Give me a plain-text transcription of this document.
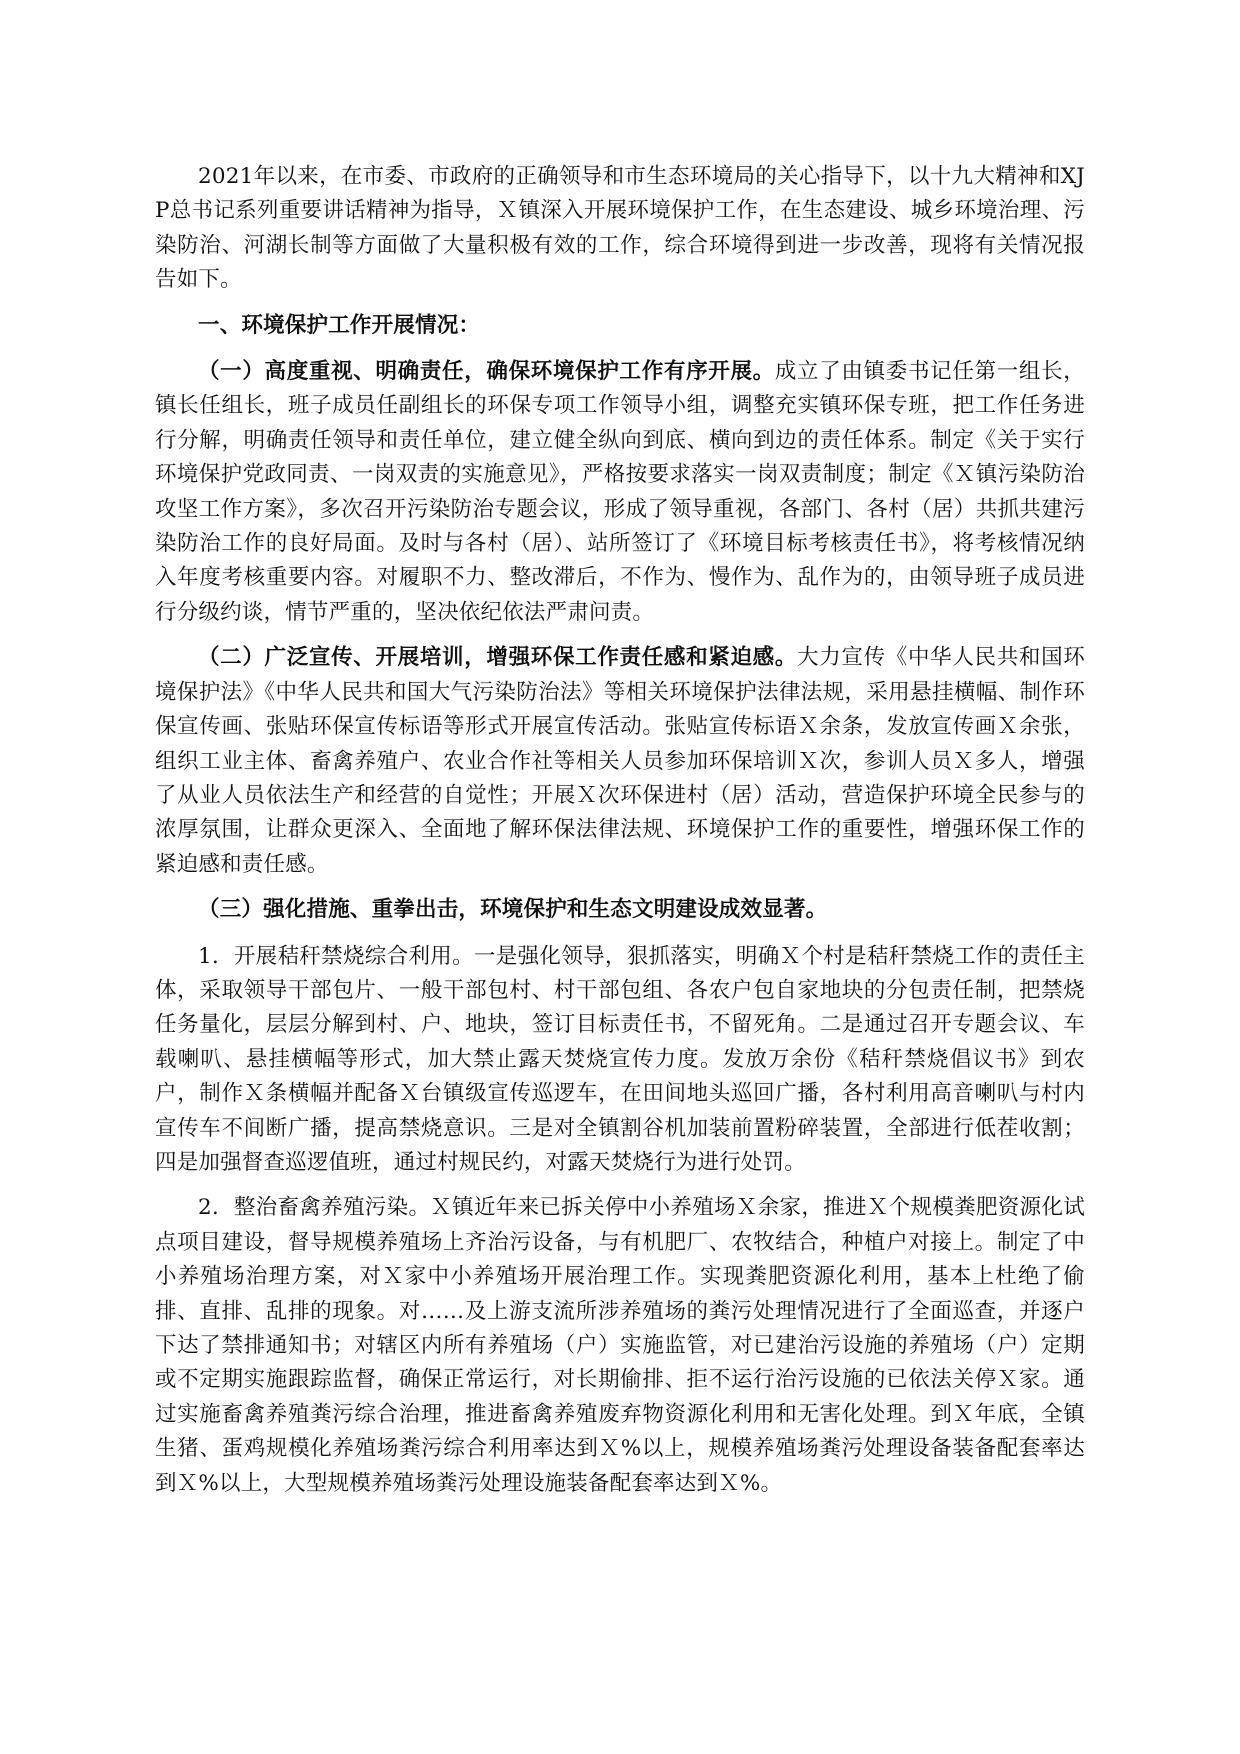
2021年以来，在市委、市政府的正确领导和市生态环境局的关心指导下，以十九大精神和XJP总书记系列重要讲话精神为指导，Ｘ镇深入开展环境保护工作，在生态建设、城乡环境治理、污染防治、河湖长制等方面做了大量积极有效的工作，综合环境得到进一步改善，现将有关情况报告如下。

一、环境保护工作开展情况：

（一）高度重视、明确责任，确保环境保护工作有序开展。成立了由镇委书记任第一组长，镇长任组长，班子成员任副组长的环保专项工作领导小组，调整充实镇环保专班，把工作任务进行分解，明确责任领导和责任单位，建立健全纵向到底、横向到边的责任体系。制定《关于实行环境保护党政同责、一岗双责的实施意见》，严格按要求落实一岗双责制度；制定《Ｘ镇污染防治攻坚工作方案》，多次召开污染防治专题会议，形成了领导重视，各部门、各村（居）共抓共建污染防治工作的良好局面。及时与各村（居）、站所签订了《环境目标考核责任书》，将考核情况纳入年度考核重要内容。对履职不力、整改滞后，不作为、慢作为、乱作为的，由领导班子成员进行分级约谈，情节严重的，坚决依纪依法严肃问责。

（二）广泛宣传、开展培训，增强环保工作责任感和紧迫感。大力宣传《中华人民共和国环境保护法》《中华人民共和国大气污染防治法》等相关环境保护法律法规，采用悬挂横幅、制作环保宣传画、张贴环保宣传标语等形式开展宣传活动。张贴宣传标语Ｘ余条，发放宣传画Ｘ余张，组织工业主体、畜禽养殖户、农业合作社等相关人员参加环保培训Ｘ次，参训人员Ｘ多人，增强了从业人员依法生产和经营的自觉性；开展Ｘ次环保进村（居）活动，营造保护环境全民参与的浓厚氛围，让群众更深入、全面地了解环保法律法规、环境保护工作的重要性，增强环保工作的紧迫感和责任感。

（三）强化措施、重拳出击，环境保护和生态文明建设成效显著。

1．开展秸秆禁烧综合利用。一是强化领导，狠抓落实，明确Ｘ个村是秸秆禁烧工作的责任主体，采取领导干部包片、一般干部包村、村干部包组、各农户包自家地块的分包责任制，把禁烧任务量化，层层分解到村、户、地块，签订目标责任书，不留死角。二是通过召开专题会议、车载喇叭、悬挂横幅等形式，加大禁止露天焚烧宣传力度。发放万余份《秸秆禁烧倡议书》到农户，制作Ｘ条横幅并配备Ｘ台镇级宣传巡逻车，在田间地头巡回广播，各村利用高音喇叭与村内宣传车不间断广播，提高禁烧意识。三是对全镇割谷机加装前置粉碎装置，全部进行低茬收割；四是加强督查巡逻值班，通过村规民约，对露天焚烧行为进行处罚。

2．整治畜禽养殖污染。Ｘ镇近年来已拆关停中小养殖场Ｘ余家，推进Ｘ个规模粪肥资源化试点项目建设，督导规模养殖场上齐治污设备，与有机肥厂、农牧结合，种植户对接上。制定了中小养殖场治理方案，对Ｘ家中小养殖场开展治理工作。实现粪肥资源化利用，基本上杜绝了偷排、直排、乱排的现象。对……及上游支流所涉养殖场的粪污处理情况进行了全面巡查，并逐户下达了禁排通知书；对辖区内所有养殖场（户）实施监管，对已建治污设施的养殖场（户）定期或不定期实施跟踪监督，确保正常运行，对长期偷排、拒不运行治污设施的已依法关停Ｘ家。通过实施畜禽养殖粪污综合治理，推进畜禽养殖废弃物资源化利用和无害化处理。到Ｘ年底，全镇生猪、蛋鸡规模化养殖场粪污综合利用率达到Ｘ%以上，规模养殖场粪污处理设备装备配套率达到Ｘ%以上，大型规模养殖场粪污处理设施装备配套率达到Ｘ%。
